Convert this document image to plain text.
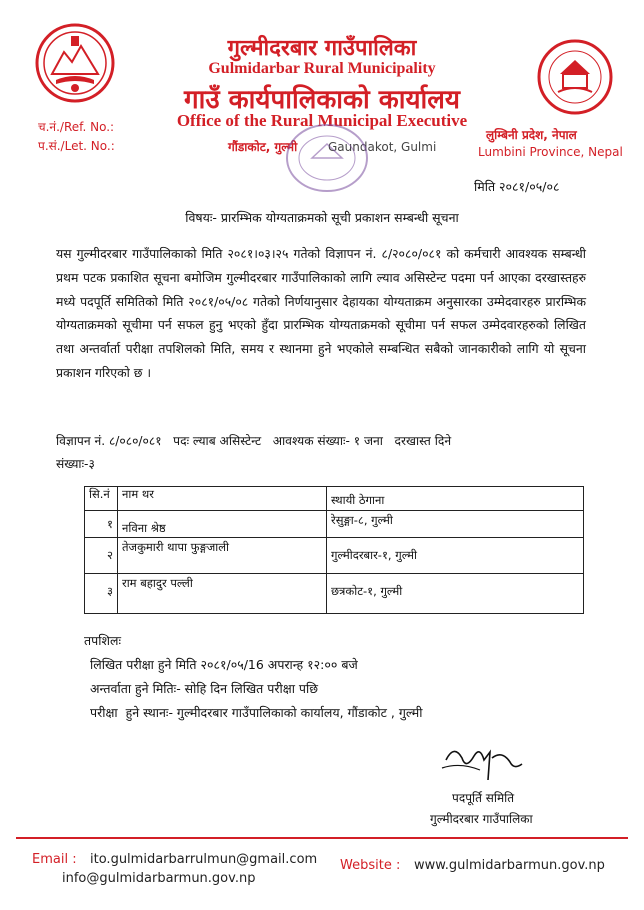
गुल्मीदरबार गाउँपालिका
Gulmidarbar Rural Municipality
गाउँ कार्यपालिकाको कार्यालय
Office of the Rural Municipal Executive
गौंडाकोट, गुल्मी	Gaundakot, Gulmi
च.नं./Ref. No.:
प.सं./Let. No.:
लुम्बिनी प्रदेश, नेपाल
Lumbini Province, Nepal
मिति २०८१/०५/०८
विषयः- प्रारम्भिक योग्यताक्रमको सूची प्रकाशन सम्बन्धी सूचना
यस गुल्मीदरबार गाउँपालिकाको मिति २०८१।०३।२५ गतेको विज्ञापन नं. ८/२०८०/०८१ को कर्मचारी आवश्यक सम्बन्धी प्रथम पटक प्रकाशित सूचना बमोजिम गुल्मीदरबार गाउँपालिकाको लागि ल्याव असिस्टेन्ट पदमा पर्न आएका दरखास्तहरु मध्ये पदपूर्ति समितिको मिति २०८१/०५/०८ गतेको निर्णयानुसार देहायका योग्यताक्रम अनुसारका उम्मेदवारहरु प्रारम्भिक योग्यताक्रमको सूचीमा पर्न सफल हुनु भएको हुँदा प्रारम्भिक योग्यताक्रमको सूचीमा पर्न सफल उम्मेदवारहरुको लिखित तथा अन्तर्वार्ता परीक्षा तपशिलको मिति, समय र स्थानमा हुने भएकोले सम्बन्धित सबैको जानकारीको लागि यो सूचना प्रकाशन गरिएको छ ।
विज्ञापन नं. ८/०८०/०८१   पदः ल्याब असिस्टेन्ट   आवश्यक संख्याः- १ जना   दरखास्त दिने
संख्याः-३
सि.नं	नाम थर	स्थायी ठेगाना
१	नविना श्रेष्ठ	रेसुङ्गा-८, गुल्मी
२	तेजकुमारी थापा फुङ्गजाली	गुल्मीदरबार-१, गुल्मी
३	राम बहादुर पल्ली	छत्रकोट-१, गुल्मी
तपशिलः
लिखित परीक्षा हुने मिति २०८१/०५/16 अपरान्ह १२:०० बजे
अन्तर्वाता हुने मितिः- सोहि दिन लिखित परीक्षा पछि
परीक्षा  हुने स्थानः- गुल्मीदरबार गाउँपालिकाको कार्यालय, गौंडाकोट , गुल्मी
पदपूर्ति समिति
गुल्मीदरबार गाउँपालिका
Email : ito.gulmidarbarrulmun@gmail.com
info@gulmidarbarmun.gov.np
Website : www.gulmidarbarmun.gov.np
